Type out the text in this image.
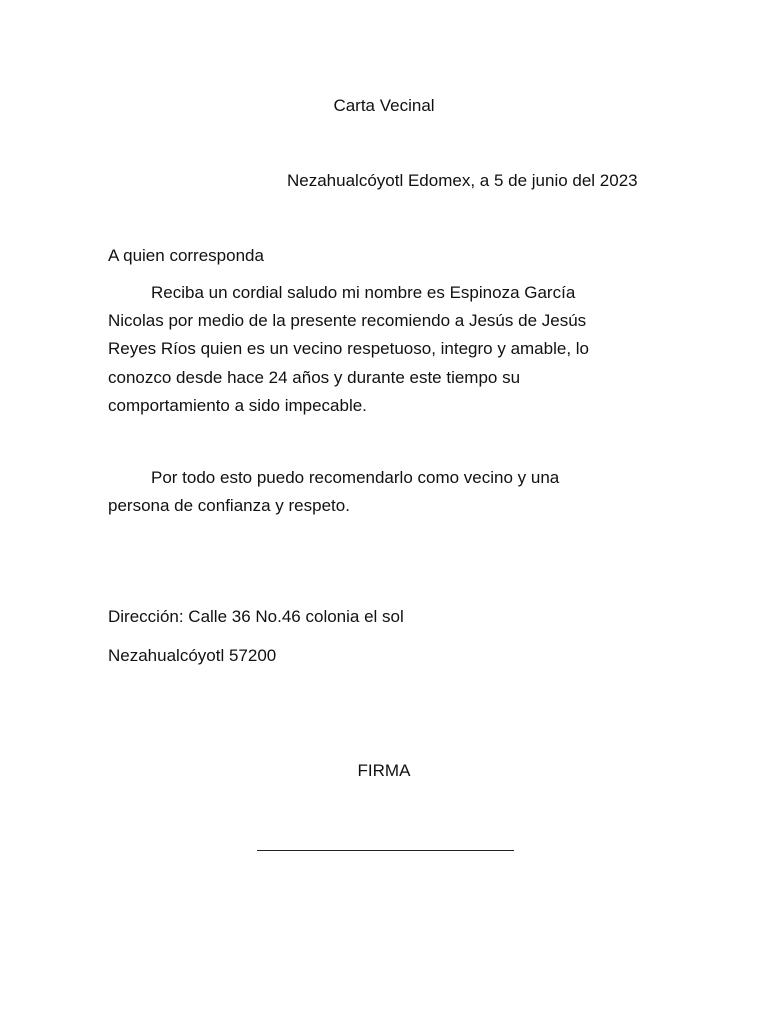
Carta Vecinal

Nezahualcóyotl Edomex, a 5 de junio del 2023

A quien corresponda

Reciba un cordial saludo mi nombre es Espinoza García
Nicolas por medio de la presente recomiendo a Jesús de Jesús
Reyes Ríos quien es un vecino respetuoso, integro y amable, lo
conozco desde hace 24 años y durante este tiempo su
comportamiento a sido impecable.
Por todo esto puedo recomendarlo como vecino y una
persona de confianza y respeto.

Dirección: Calle 36 No.46 colonia el sol

Nezahualcóyotl 57200

FIRMA
